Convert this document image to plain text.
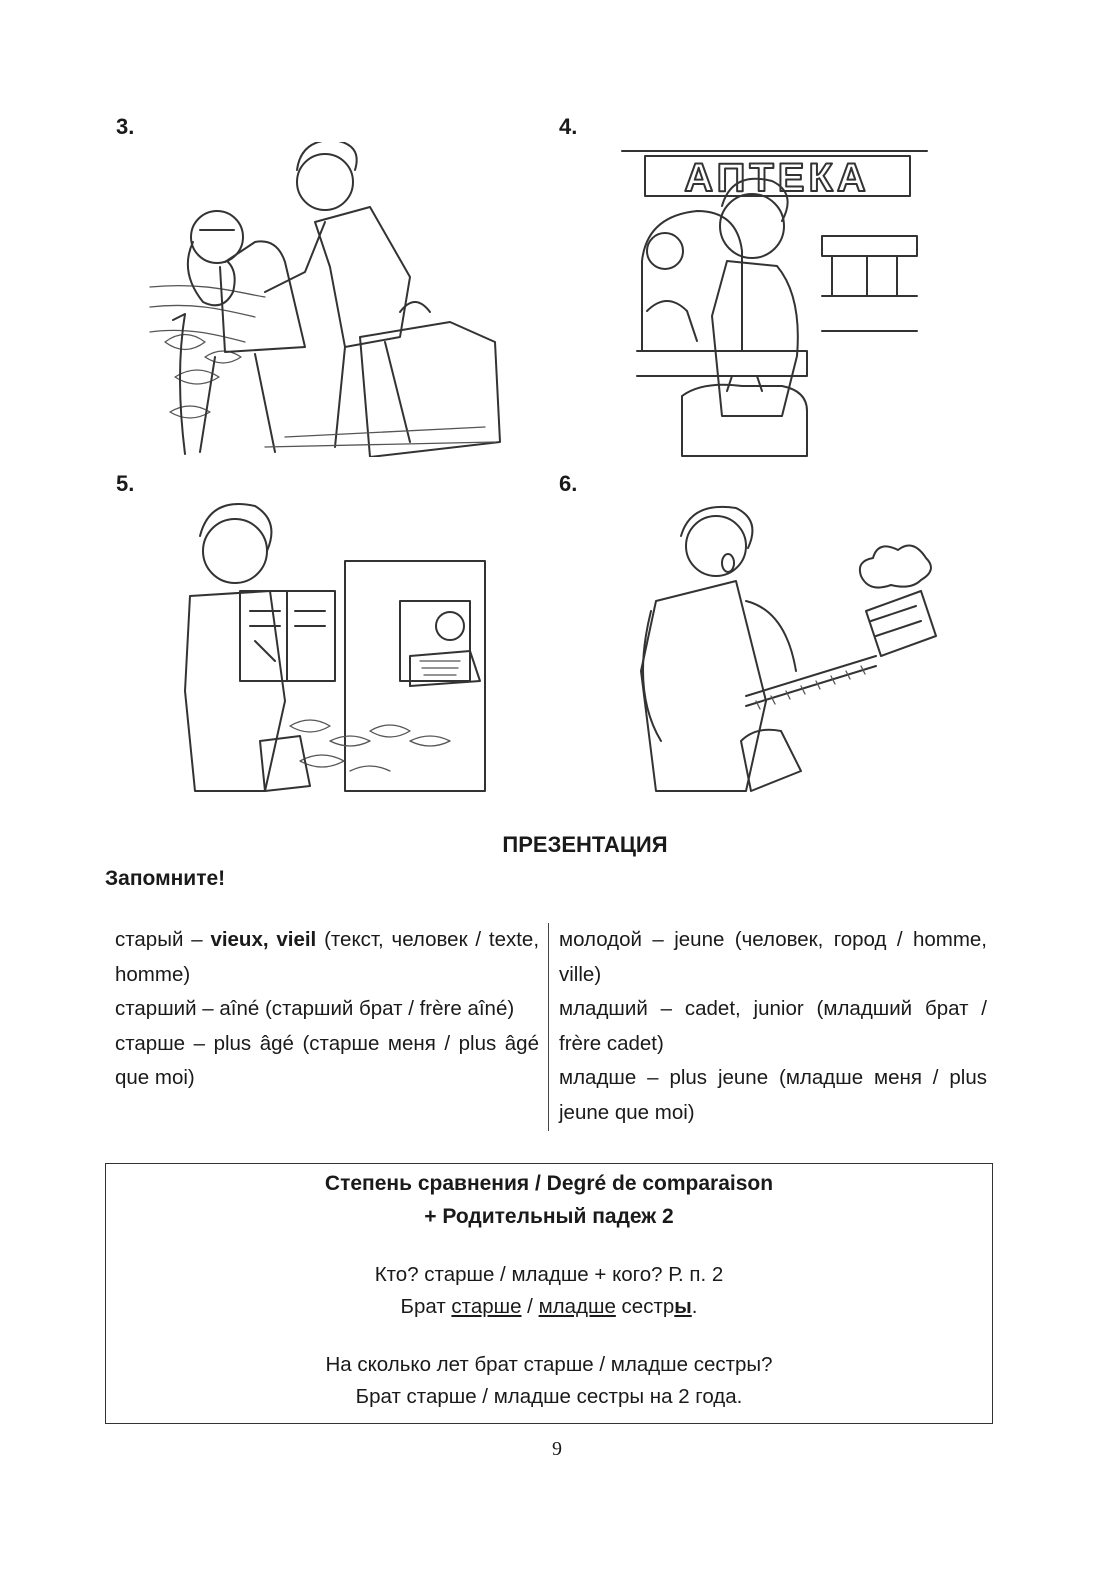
3.	4.
АПТЕКА
5.	6.
ПРЕЗЕНТАЦИЯ
Запомните!

старый – vieux, vieil (текст, человек / texte, homme)

старший – aîné (старший брат / frère aîné)

старше – plus âgé (старше меня / plus âgé que moi)

молодой – jeune (человек, город / homme, ville)

младший – cadet, junior (младший брат / frère cadet)

младше – plus jeune (младше меня / plus jeune que moi)

Степень сравнения / Degré de comparaison
+ Родительный падеж 2
Кто? старше / младше + кого? Р. п. 2
Брат старше / младше сестры.
На сколько лет брат старше / младше сестры?
Брат старше / младше сестры на 2 года.
9
